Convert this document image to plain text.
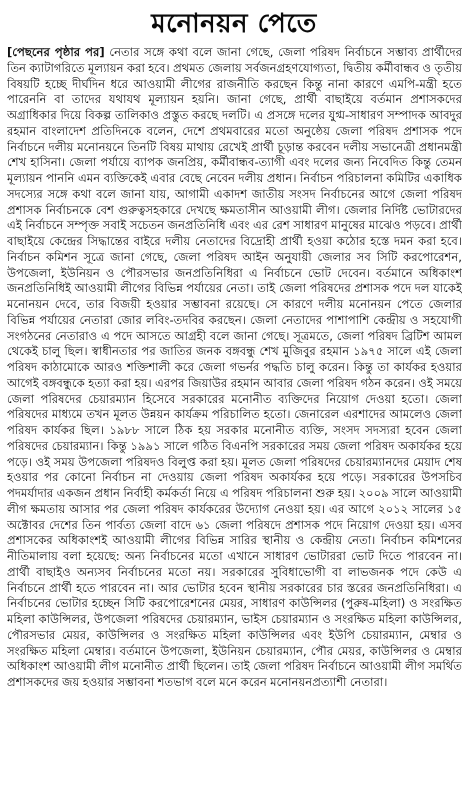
মনোনয়ন পেতে

[পেছনের পৃষ্ঠার পর] নেতার সঙ্গে কথা বলে জানা গেছে, জেলা পরিষদ নির্বাচনে সম্ভাব্য প্রার্থীদের তিন ক্যাটাগরিতে মূল্যায়ন করা হবে। প্রথমত জেলায় সর্বজনগ্রহণযোগ্যতা, দ্বিতীয় কর্মীবান্ধব ও তৃতীয় বিষয়টি হচ্ছে দীর্ঘদিন ধরে আওয়ামী লীগের রাজনীতি করছেন কিন্তু নানা কারণে এমপি-মন্ত্রী হতে পারেননি বা তাদের যথাযথ মূল্যায়ন হয়নি। জানা গেছে, প্রার্থী বাছাইয়ে বর্তমান প্রশাসকদের অগ্রাধিকার দিয়ে বিকল্প তালিকাও প্রস্তুত করছে দলটি। এ প্রসঙ্গে দলের যুগ্ম-সাধারণ সম্পাদক আবদুর রহমান বাংলাদেশ প্রতিদিনকে বলেন, দেশে প্রথমবারের মতো অনুষ্ঠেয় জেলা পরিষদ প্রশাসক পদে নির্বাচনে দলীয় মনোনয়নে তিনটি বিষয় মাথায় রেখেই প্রার্থী চূড়ান্ত করবেন দলীয় সভানেত্রী প্রধানমন্ত্রী শেখ হাসিনা। জেলা পর্যায়ে ব্যাপক জনপ্রিয়, কর্মীবান্ধব-ত্যাগী এবং দলের জন্য নিবেদিত কিন্তু তেমন মূল্যায়ন পাননি এমন ব্যক্তিকেই এবার বেছে নেবেন দলীয় প্রধান। নির্বাচন পরিচালনা কমিটির একাধিক সদস্যের সঙ্গে কথা বলে জানা যায়, আগামী একাদশ জাতীয় সংসদ নির্বাচনের আগে জেলা পরিষদ প্রশাসক নির্বাচনকে বেশ গুরুত্বসহকারে দেখছে ক্ষমতাসীন আওয়ামী লীগ। জেলার নির্দিষ্ট ভোটারদের এই নির্বাচনে সম্পৃক্ত সবাই সচেতন জনপ্রতিনিধি এবং এর রেশ সাধারণ মানুষের মাঝেও পড়বে। প্রার্থী বাছাইয়ে কেন্দ্রের সিদ্ধান্তের বাইরে দলীয় নেতাদের বিদ্রোহী প্রার্থী হওয়া কঠোর হস্তে দমন করা হবে। নির্বাচন কমিশন সূত্রে জানা গেছে, জেলা পরিষদ আইন অনুযায়ী জেলার সব সিটি করপোরেশন, উপজেলা, ইউনিয়ন ও পৌরসভার জনপ্রতিনিধিরা এ নির্বাচনে ভোট দেবেন। বর্তমানে অধিকাংশ জনপ্রতিনিধিই আওয়ামী লীগের বিভিন্ন পর্যায়ের নেতা। তাই জেলা পরিষদের প্রশাসক পদে দল যাকেই মনোনয়ন দেবে, তার বিজয়ী হওয়ার সম্ভাবনা রয়েছে। সে কারণে দলীয় মনোনয়ন পেতে জেলার বিভিন্ন পর্যায়ের নেতারা জোর লবিং-তদবির করছেন। জেলা নেতাদের পাশাপাশি কেন্দ্রীয় ও সহযোগী সংগঠনের নেতারাও এ পদে আসতে আগ্রহী বলে জানা গেছে। সূত্রমতে, জেলা পরিষদ ব্রিটিশ আমল থেকেই চালু ছিল। স্বাধীনতার পর জাতির জনক বঙ্গবন্ধু শেখ মুজিবুর রহমান ১৯৭৫ সালে এই জেলা পরিষদ কাঠামোকে আরও শক্তিশালী করে জেলা গভর্নর পদ্ধতি চালু করেন। কিন্তু তা কার্যকর হওয়ার আগেই বঙ্গবন্ধুকে হত্যা করা হয়। এরপর জিয়াউর রহমান আবার জেলা পরিষদ গঠন করেন। ওই সময়ে জেলা পরিষদের চেয়ারম্যান হিসেবে সরকারের মনোনীত ব্যক্তিদের নিয়োগ দেওয়া হতো। জেলা পরিষদের মাধ্যমে তখন মূলত উন্নয়ন কার্যক্রম পরিচালিত হতো। জেনারেল এরশাদের আমলেও জেলা পরিষদ কার্যকর ছিল। ১৯৮৮ সালে ঠিক হয় সরকার মনোনীত ব্যক্তি, সংসদ সদস্যরা হবেন জেলা পরিষদের চেয়ারম্যান। কিন্তু ১৯৯১ সালে গঠিত বিএনপি সরকারের সময় জেলা পরিষদ অকার্যকর হয়ে পড়ে। ওই সময় উপজেলা পরিষদও বিলুপ্ত করা হয়। মূলত জেলা পরিষদের চেয়ারম্যানদের মেয়াদ শেষ হওয়ার পর কোনো নির্বাচন না দেওয়ায় জেলা পরিষদ অকার্যকর হয়ে পড়ে। সরকারের উপসচিব পদমর্যাদার একজন প্রধান নির্বাহী কর্মকর্তা নিয়ে এ পরিষদ পরিচালনা শুরু হয়। ২০০৯ সালে আওয়ামী লীগ ক্ষমতায় আসার পর জেলা পরিষদ কার্যকরের উদ্যোগ নেওয়া হয়। এর আগে ২০১২ সালের ১৫ অক্টোবর দেশের তিন পার্বত্য জেলা বাদে ৬১ জেলা পরিষদে প্রশাসক পদে নিয়োগ দেওয়া হয়। এসব প্রশাসকের অধিকাংশই আওয়ামী লীগের বিভিন্ন সারির স্থানীয় ও কেন্দ্রীয় নেতা। নির্বাচন কমিশনের নীতিমালায় বলা হয়েছে: অন্য নির্বাচনের মতো এখানে সাধারণ ভোটাররা ভোট দিতে পারবেন না। প্রার্থী বাছাইও অন্যসব নির্বাচনের মতো নয়। সরকারের সুবিধাভোগী বা লাভজনক পদে কেউ এ নির্বাচনে প্রার্থী হতে পারবেন না। আর ভোটার হবেন স্থানীয় সরকারের চার স্তরের জনপ্রতিনিধিরা। এ নির্বাচনের ভোটার হচ্ছেন সিটি করপোরেশনের মেয়র, সাধারণ কাউন্সিলর (পুরুষ-মহিলা) ও সংরক্ষিত মহিলা কাউন্সিলর, উপজেলা পরিষদের চেয়ারম্যান, ভাইস চেয়ারম্যান ও সংরক্ষিত মহিলা কাউন্সিলর, পৌরসভার মেয়র, কাউন্সিলর ও সংরক্ষিত মহিলা কাউন্সিলর এবং ইউপি চেয়ারম্যান, মেম্বার ও সংরক্ষিত মহিলা মেম্বার। বর্তমানে উপজেলা, ইউনিয়ন চেয়ারম্যান, পৌর মেয়র, কাউন্সিলর ও মেম্বার অধিকাংশ আওয়ামী লীগ মনোনীত প্রার্থী ছিলেন। তাই জেলা পরিষদ নির্বাচনে আওয়ামী লীগ সমর্থিত প্রশাসকদের জয় হওয়ার সম্ভাবনা শতভাগ বলে মনে করেন মনোনয়নপ্রত্যাশী নেতারা।
